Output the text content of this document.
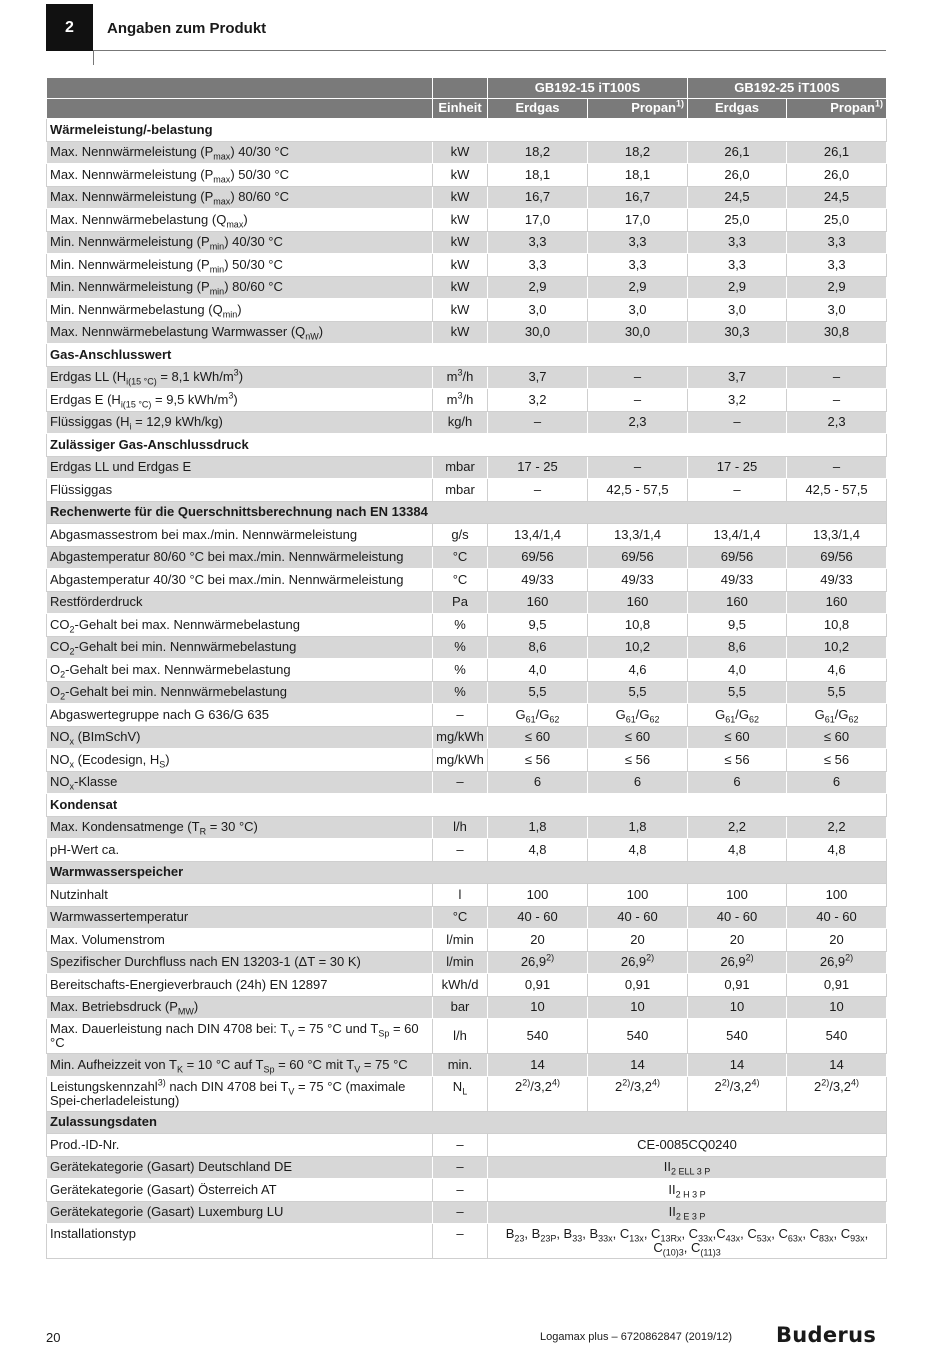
2	Angaben zum Produkt
		GB192-15 iT100S		GB192-25 iT100S	
	Einheit	Erdgas	Propan$^{1)}$	Erdgas	Propan$^{1)}$
Wärmeleistung/-belastung					
Max. Nennwärmeleistung $(P_{max})$ 40/30 °C	kW	18,2	18,2	26,1	26,1
Max. Nennwärmeleistung $(P_{max})$ 50/30 °C	kW	18,1	18,1	26,0	26,0
Max. Nennwärmeleistung $(P_{max})$ 80/60 °C	kW	16,7	16,7	24,5	24,5
Max. Nennwärmebelastung $(Q_{max})$	kW	17,0	17,0	25,0	25,0
Min. Nennwärmeleistung $(P_{min})$ 40/30 °C	kW	3,3	3,3	3,3	3,3
Min. Nennwärmeleistung $(P_{min})$ 50/30 °C	kW	3,3	3,3	3,3	3,3
Min. Nennwärmeleistung $(P_{min})$ 80/60 °C	kW	2,9	2,9	2,9	2,9
Min. Nennwärmebelastung $(Q_{min})$	kW	3,0	3,0	3,0	3,0
Max. Nennwärmebelastung Warmwasser $(Q_{nW})$	kW	30,0	30,0	30,3	30,8
Gas-Anschlusswert					
Erdgas LL ($H_{i(15 ^\circ C)} = 8,1$ kWh/$m^3$)	$m^3/h$	3,7	–	3,7	–
Erdgas E ($H_{i(15 ^\circ C)} = 9,5$ kWh/$m^3$)	$m^3/h$	3,2	–	3,2	–
Flüssiggas ($H_i = 12,9$ kWh/kg)	kg/h	–	2,3	–	2,3
Zulässiger Gas-Anschlussdruck					
Erdgas LL und Erdgas E	mbar	17 - 25	–	17 - 25	–
Flüssiggas	mbar	–	42,5 - 57,5	–	42,5 - 57,5
Rechenwerte für die Querschnittsberechnung nach EN 13384					
Abgasmassestrom bei max./min. Nennwärmeleistung	g/s	13,4/1,4	13,3/1,4	13,4/1,4	13,3/1,4
Abgastemperatur 80/60 °C bei max./min. Nennwärmeleistung	°C	69/56	69/56	69/56	69/56
Abgastemperatur 40/30 °C bei max./min. Nennwärmeleistung	°C	49/33	49/33	49/33	49/33
Restförderdruck	Pa	160	160	160	160
$CO_2$-Gehalt bei max. Nennwärmebelastung	%	9,5	10,8	9,5	10,8
$CO_2$-Gehalt bei min. Nennwärmebelastung	%	8,6	10,2	8,6	10,2
$O_2$-Gehalt bei max. Nennwärmebelastung	%	4,0	4,6	4,0	4,6
$O_2$-Gehalt bei min. Nennwärmebelastung	%	5,5	5,5	5,5	5,5
Abgaswertegruppe nach G 636/G 635	–	$G_{61}/G_{62}$	$G_{61}/G_{62}$	$G_{61}/G_{62}$	$G_{61}/G_{62}$
$NO_x$ (BImSchV)	mg/kWh	≤ 60	≤ 60	≤ 60	≤ 60
$NO_x$ (Ecodesign, $H_S$)	mg/kWh	≤ 56	≤ 56	≤ 56	≤ 56
$NO_x$-Klasse	–	6	6	6	6
Kondensat					
Max. Kondensatmenge ($T_R = 30$ °C)	l/h	1,8	1,8	2,2	2,2
pH-Wert ca.	–	4,8	4,8	4,8	4,8
Warmwasserspeicher					
Nutzinhalt	l	100	100	100	100
Warmwassertemperatur	°C	40 - 60	40 - 60	40 - 60	40 - 60
Max. Volumenstrom	l/min	20	20	20	20
Spezifischer Durchfluss nach EN 13203-1 (ΔT = 30 K)	l/min	26,9$^{2)}$	26,9$^{2)}$	26,9$^{2)}$	26,9$^{2)}$
Bereitschafts-Energieverbrauch (24h) EN 12897	kWh/d	0,91	0,91	0,91	0,91
Max. Betriebsdruck $(P_{MW})$	bar	10	10	10	10
Max. Dauerleistung nach DIN 4708 bei: $T_V = 75$ °C und $T_{Sp} = 60$ °C	l/h	540	540	540	540
Min. Aufheizzeit von $T_K = 10$ °C auf $T_{Sp} = 60$ °C mit $T_V = 75$ °C	min.	14	14	14	14
Leistungskennzahl$^{3)}$ nach DIN 4708 bei $T_V = 75$ °C (maximale Spei-cherladeleistung)	$N_L$	2$^{2)}$/3,2$^{4)}$	2$^{2)}$/3,2$^{4)}$	2$^{2)}$/3,2$^{4)}$	2$^{2)}$/3,2$^{4)}$
Zulassungsdaten					
Prod.-ID-Nr.	–	CE-0085CQ0240			
Gerätekategorie (Gasart) Deutschland DE	–	$II_{2 ELL 3 P}$
Gerätekategorie (Gasart) Österreich AT	–	$II_{2 H 3 P}$
Gerätekategorie (Gasart) Luxemburg LU	–	$II_{2 E 3 P}$
Installationstyp	–	$B_{23}$, $B_{23P}$, $B_{33}$, $B_{33x}$, $C_{13x}$, $C_{13Rx}$, $C_{33x},C_{43x}$, $C_{53x}$, $C_{63x}$, $C_{83x}$, $C_{93x}$, $C_{(10)3}$, $C_{(11)3}$
20	Logamax plus – 6720862847 (2019/12) Buderus
